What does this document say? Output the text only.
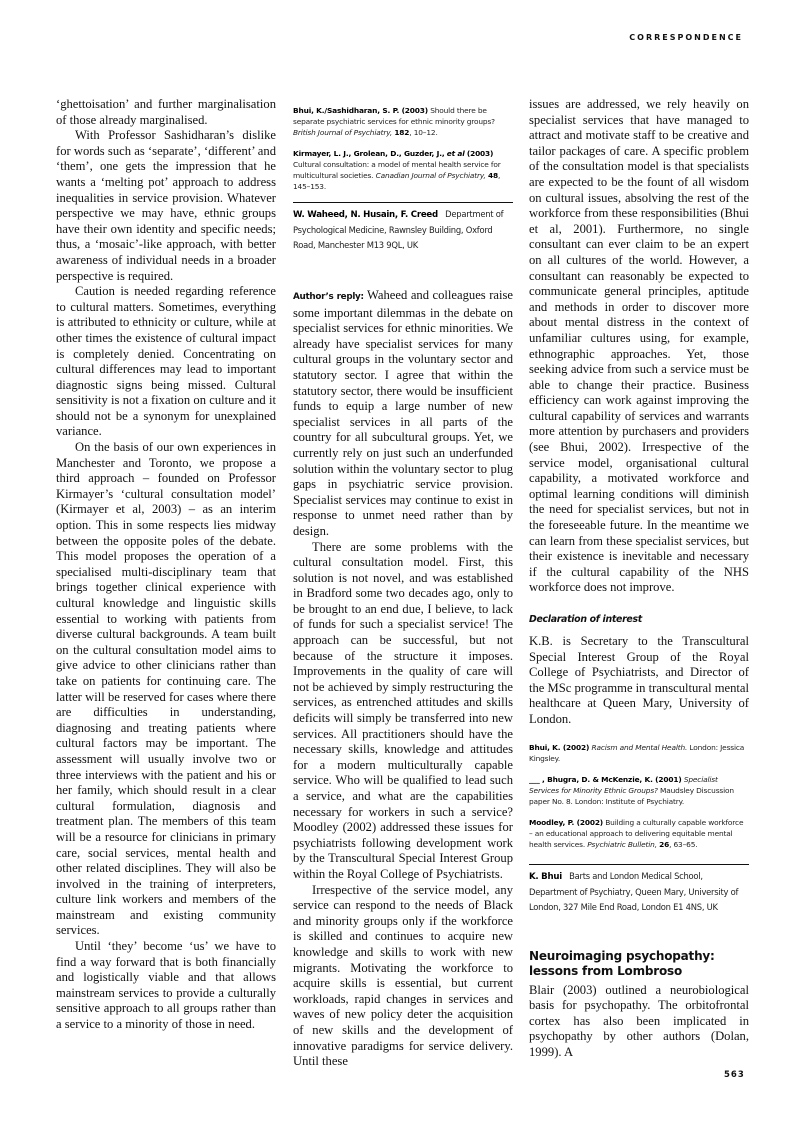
CORRESPONDENCE

‘ghettoisation’ and further marginalisation of those already marginalised.

With Professor Sashidharan’s dislike for words such as ‘separate’, ‘different’ and ‘them’, one gets the impression that he wants a ‘melting pot’ approach to address inequalities in service provision. Whatever perspective we may have, ethnic groups have their own identity and specific needs; thus, a ‘mosaic’-like approach, with better awareness of individual needs in a broader perspective is required.

Caution is needed regarding reference to cultural matters. Sometimes, everything is attributed to ethnicity or culture, while at other times the existence of cultural impact is completely denied. Concentrating on cultural differences may lead to important diagnostic signs being missed. Cultural sensitivity is not a fixation on culture and it should not be a synonym for unexplained variance.

On the basis of our own experiences in Manchester and Toronto, we propose a third approach – founded on Professor Kirmayer’s ‘cultural consultation model’ (Kirmayer et al, 2003) – as an interim option. This in some respects lies midway between the opposite poles of the debate. This model proposes the operation of a specialised multi-disciplinary team that brings together clinical experience with cultural knowledge and linguistic skills essential to working with patients from diverse cultural backgrounds. A team built on the cultural consultation model aims to give advice to other clinicians rather than take on patients for continuing care. The latter will be reserved for cases where there are difficulties in understanding, diagnosing and treating patients where cultural factors may be important. The assessment will usually involve two or three interviews with the patient and his or her family, which should result in a clear cultural formulation, diagnosis and treatment plan. The members of this team will be a resource for clinicians in primary care, social services, mental health and other related disciplines. They will also be involved in the training of interpreters, culture link workers and members of the mainstream and existing community services.

Until ‘they’ become ‘us’ we have to find a way forward that is both financially and logistically viable and that allows mainstream services to provide a culturally sensitive approach to all groups rather than a service to a minority of those in need.

Bhui, K./Sashidharan, S. P. (2003) Should there be separate psychiatric services for ethnic minority groups? British Journal of Psychiatry, 182, 10–12.

Kirmayer, L. J., Grolean, D., Guzder, J., et al (2003) Cultural consultation: a model of mental health service for multicultural societies. Canadian Journal of Psychiatry, 48, 145–153.

W. Waheed, N. Husain, F. Creed Department of Psychological Medicine, Rawnsley Building, Oxford Road, Manchester M13 9QL, UK

Author’s reply: Waheed and colleagues raise some important dilemmas in the debate on specialist services for ethnic minorities. We already have specialist services for many cultural groups in the voluntary sector and statutory sector. I agree that within the statutory sector, there would be insufficient funds to equip a large number of new specialist services in all parts of the country for all subcultural groups. Yet, we currently rely on just such an underfunded solution within the voluntary sector to plug gaps in psychiatric service provision. Specialist services may continue to exist in response to unmet need rather than by design.

There are some problems with the cultural consultation model. First, this solution is not novel, and was established in Bradford some two decades ago, only to be brought to an end due, I believe, to lack of funds for such a specialist service! The approach can be successful, but not because of the structure it imposes. Improvements in the quality of care will not be achieved by simply restructuring the services, as entrenched attitudes and skills deficits will simply be transferred into new services. All practitioners should have the necessary skills, knowledge and attitudes for a modern multiculturally capable service. Who will be qualified to lead such a service, and what are the capabilities necessary for workers in such a service? Moodley (2002) addressed these issues for psychiatrists following development work by the Transcultural Special Interest Group within the Royal College of Psychiatrists.

Irrespective of the service model, any service can respond to the needs of Black and minority groups only if the workforce is skilled and continues to acquire new knowledge and skills to work with new migrants. Motivating the workforce to acquire skills is essential, but current workloads, rapid changes in services and waves of new policy deter the acquisition of new skills and the development of innovative paradigms for service delivery. Until these

issues are addressed, we rely heavily on specialist services that have managed to attract and motivate staff to be creative and tailor packages of care. A specific problem of the consultation model is that specialists are expected to be the fount of all wisdom on cultural issues, absolving the rest of the workforce from these responsibilities (Bhui et al, 2001). Furthermore, no single consultant can ever claim to be an expert on all cultures of the world. However, a consultant can reasonably be expected to communicate general principles, aptitude and methods in order to discover more about mental distress in the context of unfamiliar cultures using, for example, ethnographic approaches. Yet, those seeking advice from such a service must be able to change their practice. Business efficiency can work against improving the cultural capability of services and warrants more attention by purchasers and providers (see Bhui, 2002). Irrespective of the service model, organisational cultural capability, a motivated workforce and optimal learning conditions will diminish the need for specialist services, but not in the foreseeable future. In the meantime we can learn from these specialist services, but their existence is inevitable and necessary if the cultural capability of the NHS workforce does not improve.

Declaration of interest

K.B. is Secretary to the Transcultural Special Interest Group of the Royal College of Psychiatrists, and Director of the MSc programme in transcultural mental healthcare at Queen Mary, University of London.

Bhui, K. (2002) Racism and Mental Health. London: Jessica Kingsley.

___ , Bhugra, D. & McKenzie, K. (2001) Specialist Services for Minority Ethnic Groups? Maudsley Discussion paper No. 8. London: Institute of Psychiatry.

Moodley, P. (2002) Building a culturally capable workforce – an educational approach to delivering equitable mental health services. Psychiatric Bulletin, 26, 63–65.

K. Bhui Barts and London Medical School, Department of Psychiatry, Queen Mary, University of London, 327 Mile End Road, London E1 4NS, UK

Neuroimaging psychopathy:
lessons from Lombroso

Blair (2003) outlined a neurobiological basis for psychopathy. The orbitofrontal cortex has also been implicated in psychopathy by other authors (Dolan, 1999). A

563
